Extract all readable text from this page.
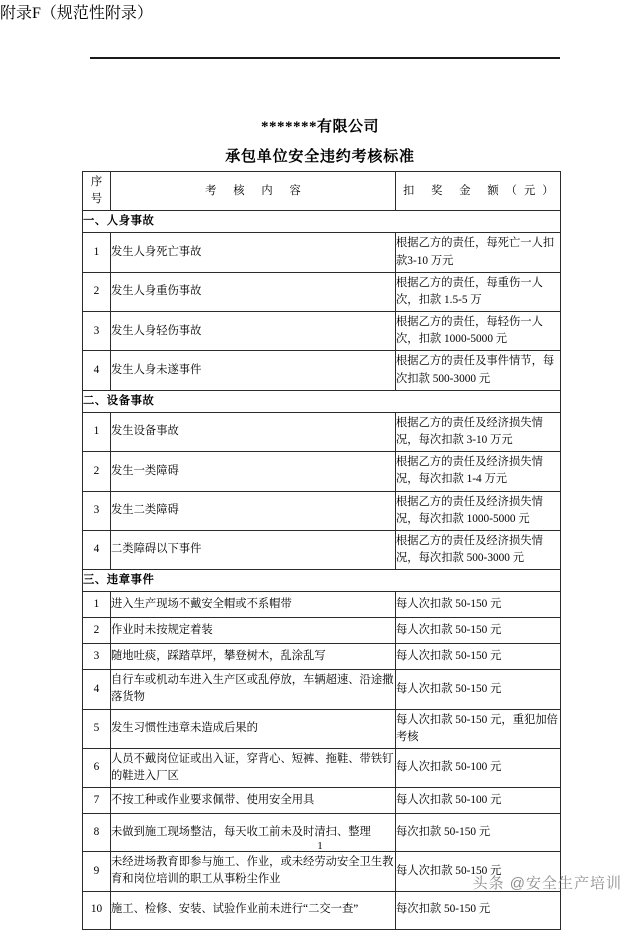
附录F（规范性附录）
*******有限公司
承包单位安全违约考核标准
序
号	考 核 内 容	扣 奖 金 额（元）
一、人身事故		
1	发生人身死亡事故	根据乙方的责任，每死亡一人扣款3-10 万元
2	发生人身重伤事故	根据乙方的责任，每重伤一人次，扣款 1.5-5 万
3	发生人身轻伤事故	根据乙方的责任，每轻伤一人次，扣款 1000-5000 元
4	发生人身未遂事件	根据乙方的责任及事件情节，每次扣款 500-3000 元
二、设备事故		
1	发生设备事故	根据乙方的责任及经济损失情况，每次扣款 3-10 万元
2	发生一类障碍	根据乙方的责任及经济损失情况，每次扣款 1-4 万元
3	发生二类障碍	根据乙方的责任及经济损失情况，每次扣款 1000-5000 元
4	二类障碍以下事件	根据乙方的责任及经济损失情况，每次扣款 500-3000 元
三、违章事件		
1	进入生产现场不戴安全帽或不系帽带	每人次扣款 50-150 元
2	作业时未按规定着装	每人次扣款 50-150 元
3	随地吐痰，踩踏草坪，攀登树木，乱涂乱写	每人次扣款 50-150 元
4	自行车或机动车进入生产区或乱停放，车辆超速、沿途撒落货物	每人次扣款 50-150 元
5	发生习惯性违章未造成后果的	每人次扣款 50-150 元，重犯加倍考核
6	人员不戴岗位证或出入证，穿背心、短裤、拖鞋、带铁钉的鞋进入厂区	每人次扣款 50-100 元
7	不按工种或作业要求佩带、使用安全用具	每人次扣款 50-100 元
8	未做到施工现场整洁，每天收工前未及时清扫、整理	每次扣款 50-150 元
9	未经进场教育即参与施工、作业，或未经劳动安全卫生教育和岗位培训的职工从事粉尘作业	每人次扣款 50-150 元
10	施工、检修、安装、试验作业前未进行“二交一查”	每次扣款 50-150 元
1
头条 @安全生产培训
